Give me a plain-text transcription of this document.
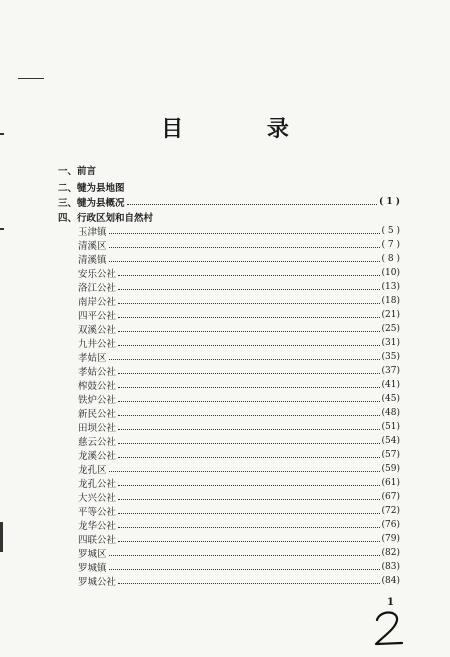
目 录
一、前言
二、犍为县地图
三、犍为县概况	( 1 )
四、行政区划和自然村
玉津镇	( 5 )
清溪区	( 7 )
清溪镇	( 8 )
安乐公社	(10)
洛江公社	(13)
南岸公社	(18)
四平公社	(21)
双溪公社	(25)
九井公社	(31)
孝姑区	(35)
孝姑公社	(37)
榨鼓公社	(41)
铁炉公社	(45)
新民公社	(48)
田坝公社	(51)
慈云公社	(54)
龙溪公社	(57)
龙孔区	(59)
龙孔公社	(61)
大兴公社	(67)
平等公社	(72)
龙华公社	(76)
四联公社	(79)
罗城区	(82)
罗城镇	(83)
罗城公社	(84)
1
